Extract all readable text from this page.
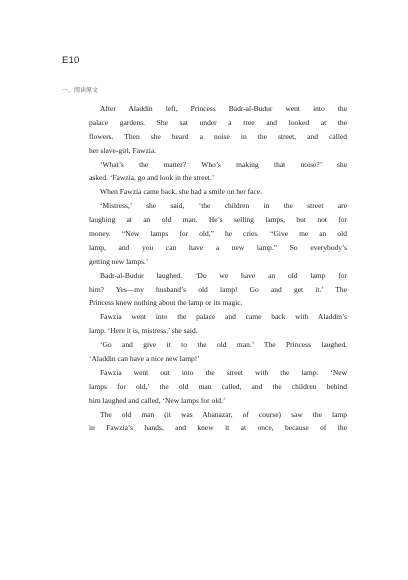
E10
一、阅读原文
After Aladdin left, Princess Badr-al-Budur went into the
palace gardens. She sat under a tree and looked at the
flowers. Then she heard a noise in the street, and called
her slave-girl, Fawzia.
‘What’s the matter? Who’s making that noise?’ she
asked. ‘Fawzia, go and look in the street.’
When Fawzia came back, she had a smile on her face.
‘Mistress,’ she said, ‘the children in the street are
laughing at an old man. He’s selling lamps, but not for
money. “New lamps for old,” he cries. “Give me an old
lamp, and you can have a new lamp.” So everybody’s
getting new lamps.’
Badr-al-Budur laughed. ‘Do we have an old lamp for
him? Yes—my husband’s old lamp! Go and get it.’ The
Princess knew nothing about the lamp or its magic.
Fawzia went into the palace and came back with Aladdin’s
lamp. ‘Here it is, mistress,’ she said.
‘Go and give it to the old man.’ The Princess laughed.
‘Aladdin can have a nice new lamp!’
Fawzia went out into the street with the lamp. ‘New
lamps for old,’ the old man called, and the children behind
him laughed and called, ‘New lamps for old.’
The old man (it was Abanazar, of course) saw the lamp
in Fawzia’s hands, and knew it at once, because of the
